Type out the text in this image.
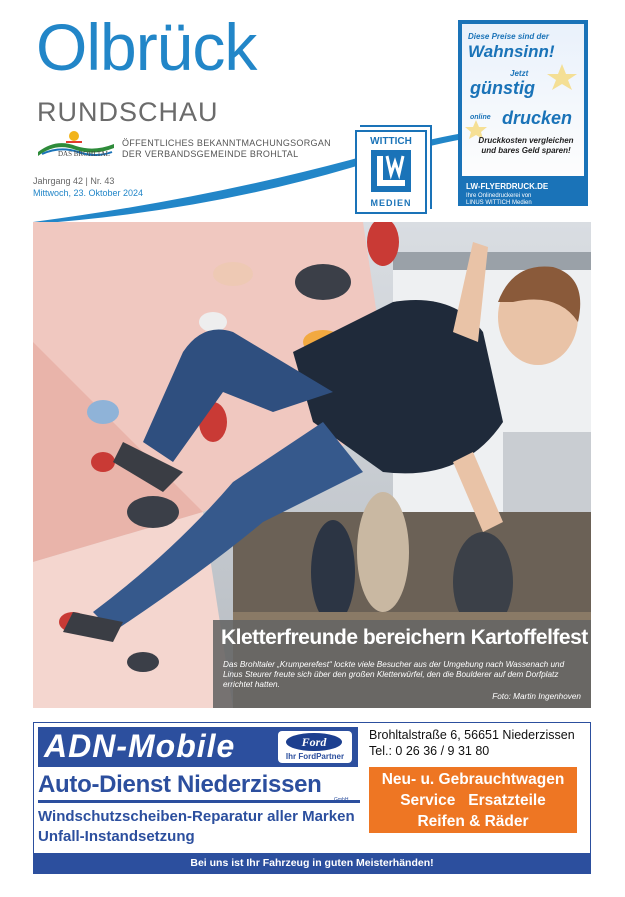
Olbrück
RUNDSCHAU
DAS BROHLTAL
ÖFFENTLICHES BEKANNTMACHUNGSORGAN
DER VERBANDSGEMEINDE BROHLTAL
Jahrgang 42 | Nr. 43
Mittwoch, 23. Oktober 2024
WITTICH
MEDIEN
Diese Preise sind der
Wahnsinn!
Jetzt
günstig
online drucken
Druckkosten vergleichen und bares Geld sparen!
LW-FLYERDRUCK.DE
Ihre Onlinedruckerei von
LINUS WITTICH Medien
Kletterfreunde bereichern Kartoffelfest
Das Brohltaler „Krumperefest“ lockte viele Besucher aus der Umgebung nach Wassenach und Linus Steurer freute sich über den großen Kletterwürfel, den die Boulderer auf dem Dorfplatz errichtet hatten.
Foto: Martin Ingenhoven
ADN-Mobile	Ford
Ihr FordPartner
Brohltalstraße 6, 56651 Niederzissen
Tel.: 0 26 36 / 9 31 80
Auto-Dienst Niederzissen
Windschutzscheiben-Reparatur aller Marken
Unfall-Instandsetzung
Neu- u. Gebrauchtwagen
Service   Ersatzteile
Reifen & Räder
Bei uns ist Ihr Fahrzeug in guten Meisterhänden!
